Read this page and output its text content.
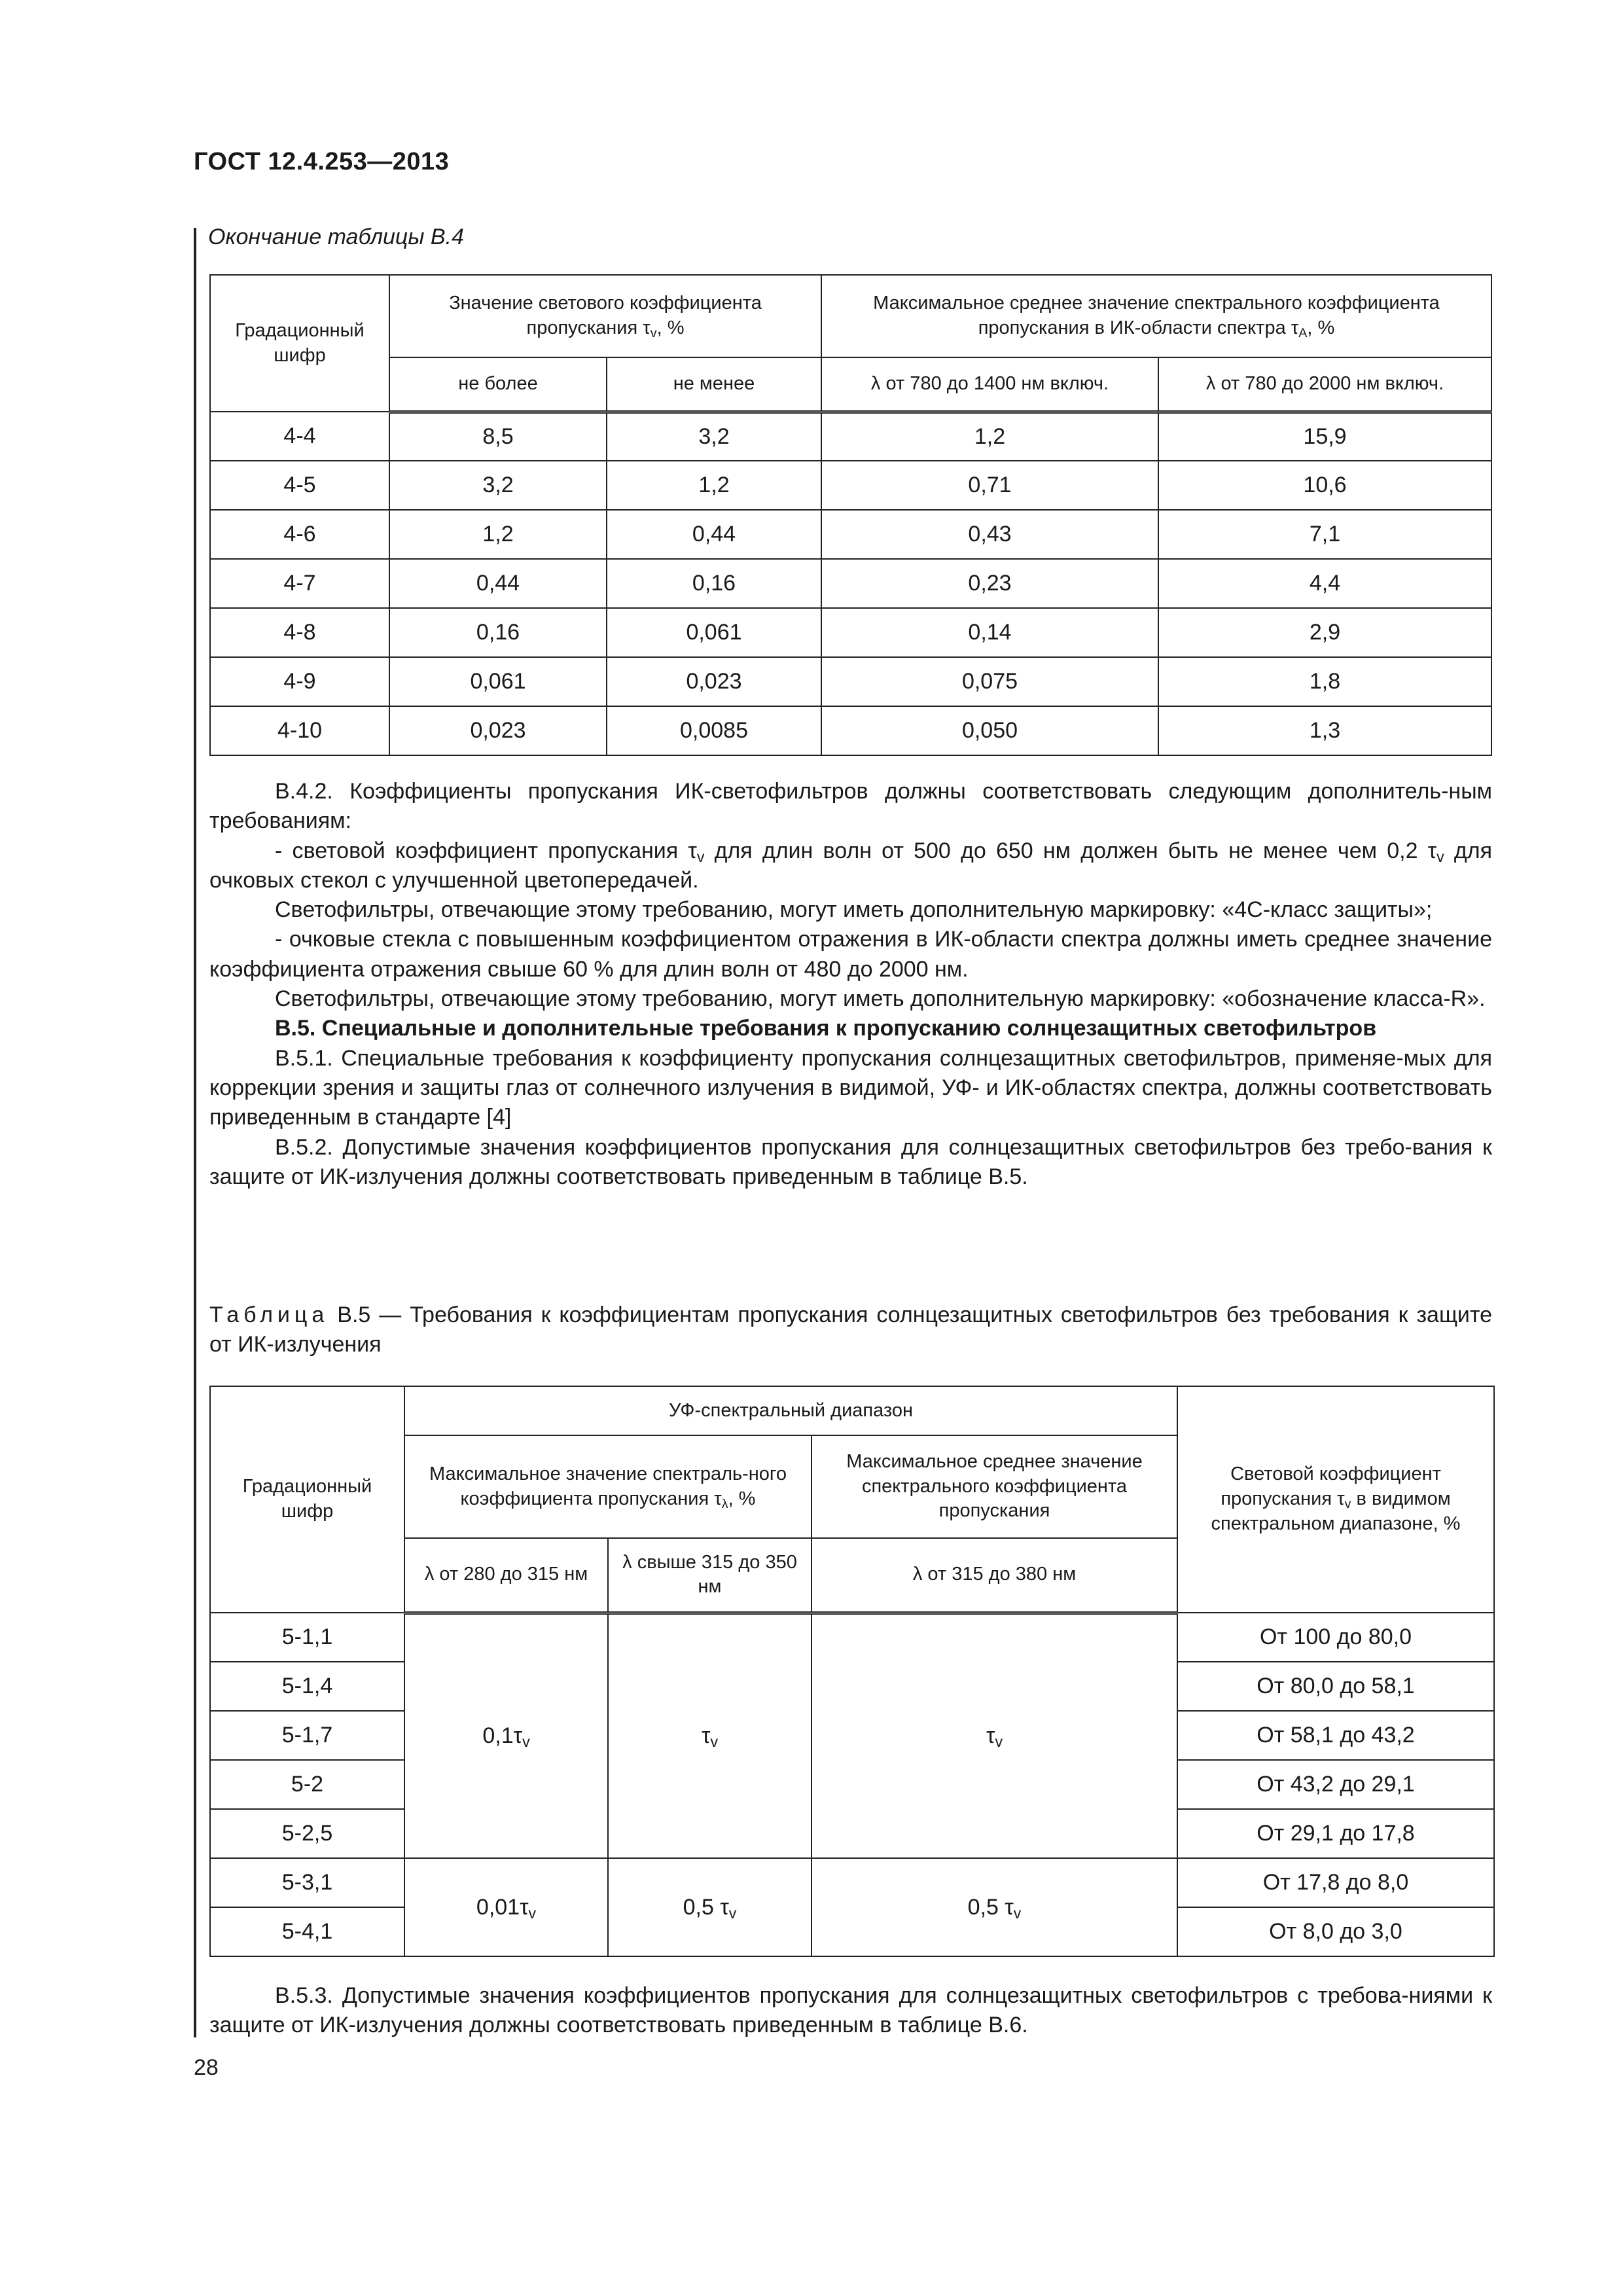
ГОСТ 12.4.253—2013
Окончание таблицы В.4
Градационный шифр	Значение светового коэффициента пропускания $\tau_v$, %		Максимальное среднее значение спектрального коэффициента пропускания в ИК-области спектра $\tau_A$, %	
	не более	не менее	λ от 780 до 1400 нм включ.	λ от 780 до 2000 нм включ.
4-4	8,5	3,2	1,2	15,9
4-5	3,2	1,2	0,71	10,6
4-6	1,2	0,44	0,43	7,1
4-7	0,44	0,16	0,23	4,4
4-8	0,16	0,061	0,14	2,9
4-9	0,061	0,023	0,075	1,8
4-10	0,023	0,0085	0,050	1,3

В.4.2. Коэффициенты пропускания ИК-светофильтров должны соответствовать следующим дополнитель-ным требованиям:

- световой коэффициент пропускания $\tau_v$ для длин волн от 500 до 650 нм должен быть не менее чем 0,2 $\tau_v$ для очковых стекол с улучшенной цветопередачей.

Светофильтры, отвечающие этому требованию, могут иметь дополнительную маркировку: «4С-класс защиты»;

- очковые стекла с повышенным коэффициентом отражения в ИК-области спектра должны иметь среднее значение коэффициента отражения свыше 60 % для длин волн от 480 до 2000 нм.

Светофильтры, отвечающие этому требованию, могут иметь дополнительную маркировку: «обозначение класса-R».

В.5. Специальные и дополнительные требования к пропусканию солнцезащитных светофильтров

В.5.1. Специальные требования к коэффициенту пропускания солнцезащитных светофильтров, применяе-мых для коррекции зрения и защиты глаз от солнечного излучения в видимой, УФ- и ИК-областях спектра, должны соответствовать приведенным в стандарте [4]

В.5.2. Допустимые значения коэффициентов пропускания для солнцезащитных светофильтров без требо-вания к защите от ИК-излучения должны соответствовать приведенным в таблице В.5.

Таблица В.5 — Требования к коэффициентам пропускания солнцезащитных светофильтров без требования к защите от ИК-излучения
Градационный шифр	УФ-спектральный диапазон			Световой коэффициент пропускания $\tau_v$ в видимом спектральном диапазоне, %
	Максимальное значение спектраль-ного коэффициента пропускания $\tau_\lambda$, %		Максимальное среднее значение спектрального коэффициента пропускания	
	λ от 280 до 315 нм	λ свыше 315 до 350 нм	λ от 315 до 380 нм	
5-1,1	$0,1\tau_v$	$\tau_v$	$\tau_v$	От 100 до 80,0
5-1,4				От 80,0 до 58,1
5-1,7				От 58,1 до 43,2
5-2				От 43,2 до 29,1
5-2,5				От 29,1 до 17,8
5-3,1	$0,01\tau_v$	0,5 $\tau_v$	0,5 $\tau_v$	От 17,8 до 8,0
5-4,1				От 8,0 до 3,0

В.5.3. Допустимые значения коэффициентов пропускания для солнцезащитных светофильтров с требова-ниями к защите от ИК-излучения должны соответствовать приведенным в таблице В.6.

28
